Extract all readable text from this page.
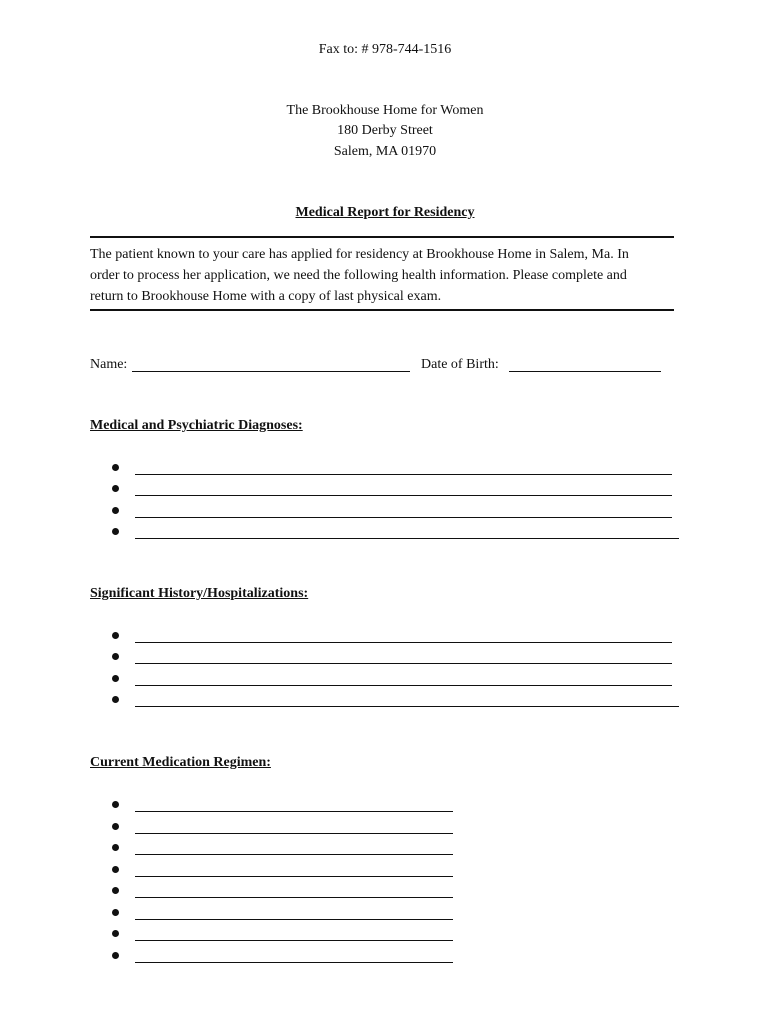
Fax to: # 978-744-1516
The Brookhouse Home for Women
180 Derby Street
Salem, MA 01970
Medical Report for Residency
The patient known to your care has applied for residency at Brookhouse Home in Salem, Ma. In
order to process her application, we need the following health information. Please complete and
return to Brookhouse Home with a copy of last physical exam.
Name:	Date of Birth:
Medical and Psychiatric Diagnoses:
Significant History/Hospitalizations:
Current Medication Regimen:
